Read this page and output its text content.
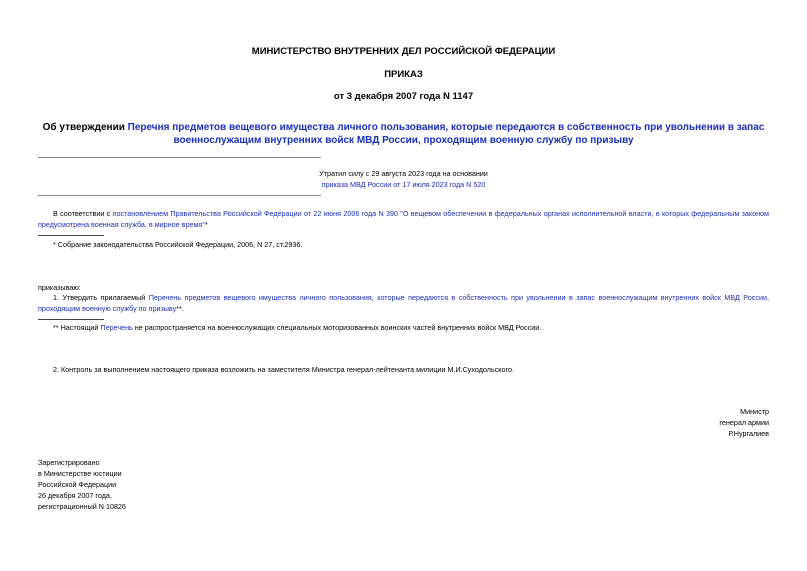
МИНИСТЕРСТВО ВНУТРЕННИХ ДЕЛ РОССИЙСКОЙ ФЕДЕРАЦИИ
ПРИКАЗ
от 3 декабря 2007 года N 1147
Об утверждении Перечня предметов вещевого имущества личного пользования, которые передаются в собственность при увольнении в запас военнослужащим внутренних войск МВД России, проходящим военную службу по призыву
Утратил силу с 29 августа 2023 года на основании
приказа МВД России от 17 июля 2023 года N 520
В соответствии с постановлением Правительства Российской Федерации от 22 июня 2006 года N 390 "О вещевом обеспечении в федеральных органах исполнительной власти, в которых федеральным законом предусмотрена военная служба, в мирное время"*
* Собрание законодательства Российской Федерации, 2006, N 27, ст.2936.
приказываю:
1. Утвердить прилагаемый Перечень предметов вещевого имущества личного пользования, которые передаются в собственность при увольнении в запас военнослужащим внутренних войск МВД России, проходящим военную службу по призыву**.
** Настоящий Перечень не распространяется на военнослужащих специальных моторизованных воинских частей внутренних войск МВД России.
2. Контроль за выполнением настоящего приказа возложить на заместителя Министра генерал-лейтенанта милиции М.И.Суходольского.
Министр
генерал армии
Р.Нургалиев
Зарегистрировано
в Министерстве юстиции
Российской Федерации
26 декабря 2007 года,
регистрационный N 10826
